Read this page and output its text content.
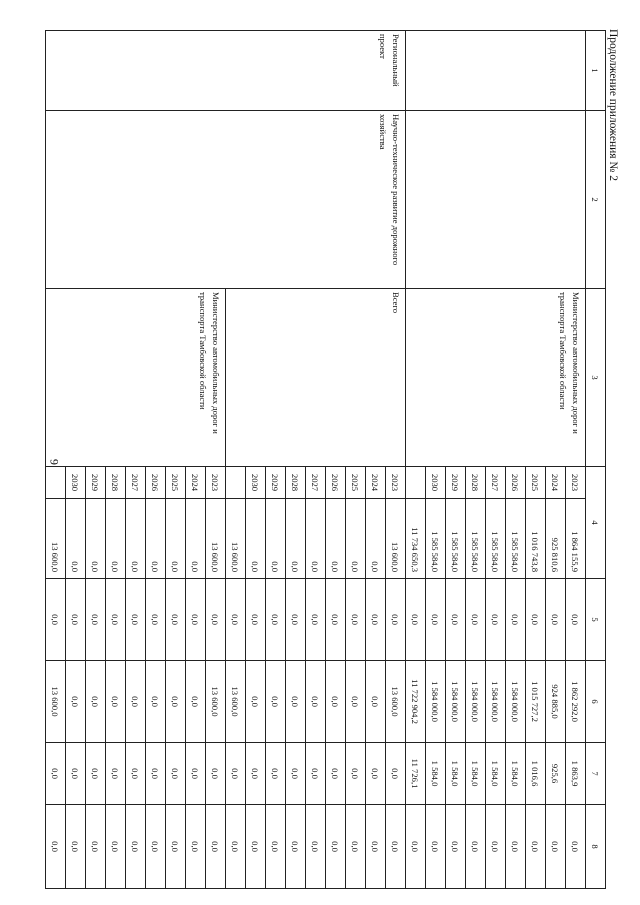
6
Продолжение приложения № 2
1	2	3	4		5	6	7	8
		Министерство автомобильных дорог и транспорта Тамбовской области	2023	1 864 155,9	0,0	1 862 292,0	1 863,9	0,0
			2024	925 810,6	0,0	924 885,0	925,6	0,0
			2025	1 016 743,8	0,0	1 015 727,2	1 016,6	0,0
			2026	1 585 584,0	0,0	1 584 000,0	1 584,0	0,0
			2027	1 585 584,0	0,0	1 584 000,0	1 584,0	0,0
			2028	1 585 584,0	0,0	1 584 000,0	1 584,0	0,0
			2029	1 585 584,0	0,0	1 584 000,0	1 584,0	0,0
			2030	1 585 584,0	0,0	1 584 000,0	1 584,0	0,0
				11 734 650,3	0,0	11 722 904,2	11 726,1	0,0
Региональный проект	Научно-техническое развитие дорожного хозяйства	Всего	2023	13 600,0	0,0	13 600,0	0,0	0,0
			2024	0,0	0,0	0,0	0,0	0,0
			2025	0,0	0,0	0,0	0,0	0,0
			2026	0,0	0,0	0,0	0,0	0,0
			2027	0,0	0,0	0,0	0,0	0,0
			2028	0,0	0,0	0,0	0,0	0,0
			2029	0,0	0,0	0,0	0,0	0,0
			2030	0,0	0,0	0,0	0,0	0,0
				13 600,0	0,0	13 600,0	0,0	0,0
		Министерство автомобильных дорог и транспорта Тамбовской области	2023	13 600,0	0,0	13 600,0	0,0	0,0
			2024	0,0	0,0	0,0	0,0	0,0
			2025	0,0	0,0	0,0	0,0	0,0
			2026	0,0	0,0	0,0	0,0	0,0
			2027	0,0	0,0	0,0	0,0	0,0
			2028	0,0	0,0	0,0	0,0	0,0
			2029	0,0	0,0	0,0	0,0	0,0
			2030	0,0	0,0	0,0	0,0	0,0
				13 600,0	0,0	13 600,0	0,0	0,0
